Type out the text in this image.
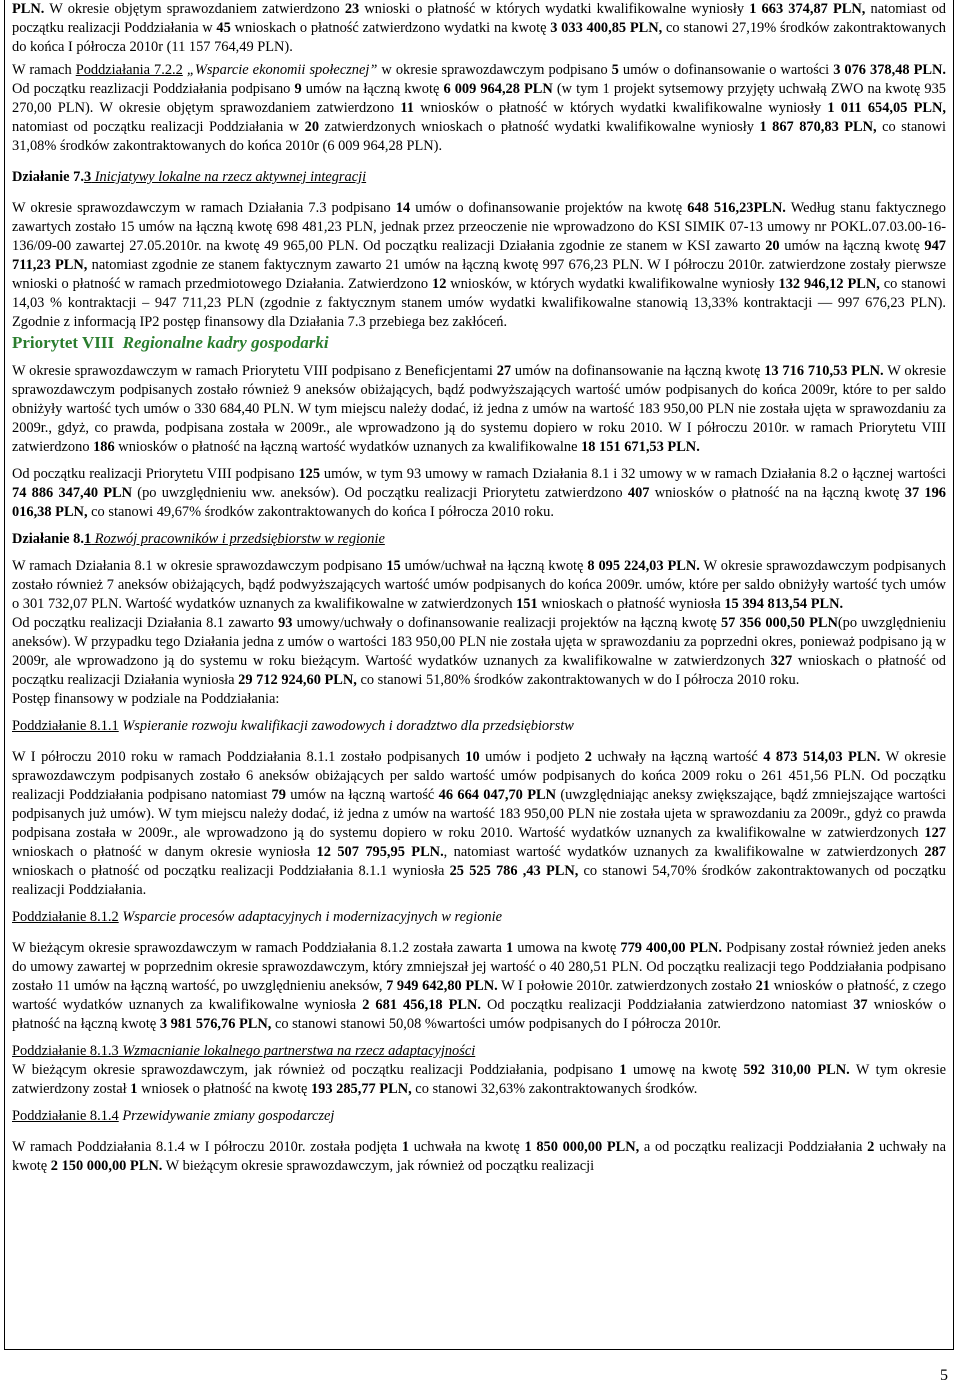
PLN. W okresie objętym sprawozdaniem zatwierdzono 23 wnioski o płatność w których wydatki kwalifikowalne wyniosły 1 663 374,87 PLN, natomiast od początku realizacji Poddziałania w 45 wnioskach o płatność zatwierdzono wydatki na kwotę 3 033 400,85 PLN, co stanowi 27,19% środków zakontraktowanych do końca I półrocza 2010r (11 157 764,49 PLN).

W ramach Poddziałania 7.2.2 „Wsparcie ekonomii społecznej” w okresie sprawozdawczym podpisano 5 umów o dofinansowanie o wartości 3 076 378,48 PLN. Od początku reazlizacji Poddziałania podpisano 9 umów na łączną kwotę 6 009 964,28 PLN (w tym 1 projekt sytsemowy przyjęty uchwałą ZWO na kwotę 935 270,00 PLN). W okresie objętym sprawozdaniem zatwierdzono 11 wniosków o płatność w których wydatki kwalifikowalne wyniosły 1 011 654,05 PLN, natomiast od początku realizacji Poddziałania w 20 zatwierdzonych wnioskach o płatność wydatki kwalifikowalne wyniosły 1 867 870,83 PLN, co stanowi 31,08% środków zakontraktowanych do końca 2010r (6 009 964,28 PLN).

Działanie 7.3 Inicjatywy lokalne na rzecz aktywnej integracji

W okresie sprawozdawczym w ramach Działania 7.3 podpisano 14 umów o dofinansowanie projektów na kwotę 648 516,23PLN. Według stanu faktycznego zawartych zostało 15 umów na łączną kwotę 698 481,23 PLN, jednak przez przeoczenie nie wprowadzono do KSI SIMIK 07-13 umowy nr POKL.07.03.00-16-136/09-00 zawartej 27.05.2010r. na kwotę 49 965,00 PLN. Od początku realizacji Działania zgodnie ze stanem w KSI zawarto 20 umów na łączną kwotę 947 711,23 PLN, natomiast zgodnie ze stanem faktycznym zawarto 21 umów na łączną kwotę 997 676,23 PLN. W I półroczu 2010r. zatwierdzone zostały pierwsze wnioski o płatność w ramach przedmiotowego Działania. Zatwierdzono 12 wniosków, w których wydatki kwalifikowalne wyniosły 132 946,12 PLN, co stanowi 14,03 % kontraktacji – 947 711,23 PLN (zgodnie z faktycznym stanem umów wydatki kwalifikowalne stanowią 13,33% kontraktacji — 997 676,23 PLN). Zgodnie z informacją IP2 postęp finansowy dla Działania 7.3 przebiega bez zakłóceń.

Priorytet VIII Regionalne kadry gospodarki

W okresie sprawozdawczym w ramach Priorytetu VIII podpisano z Beneficjentami 27 umów na dofinansowanie na łączną kwotę 13 716 710,53 PLN. W okresie sprawozdawczym podpisanych zostało również 9 aneksów obiżających, bądź podwyższających wartość umów podpisanych do końca 2009r, które to per saldo obniżyły wartość tych umów o 330 684,40 PLN. W tym miejscu należy dodać, iż jedna z umów na wartość 183 950,00 PLN nie została ujęta w sprawozdaniu za 2009r., gdyż, co prawda, podpisana została w 2009r., ale wprowadzono ją do systemu dopiero w roku 2010. W I półroczu 2010r. w ramach Priorytetu VIII zatwierdzono 186 wniosków o płatność na łączną wartość wydatków uznanych za kwalifikowalne 18 151 671,53 PLN.

Od początku realizacji Priorytetu VIII podpisano 125 umów, w tym 93 umowy w ramach Działania 8.1 i 32 umowy w w ramach Działania 8.2 o łącznej wartości 74 886 347,40 PLN (po uwzględnieniu ww. aneksów). Od początku realizacji Priorytetu zatwierdzono 407 wniosków o płatność na na łączną kwotę 37 196 016,38 PLN, co stanowi 49,67% środków zakontraktowanych do końca I półrocza 2010 roku.

Działanie 8.1 Rozwój pracowników i przedsiębiorstw w regionie

W ramach Działania 8.1 w okresie sprawozdawczym podpisano 15 umów/uchwał na łączną kwotę 8 095 224,03 PLN. W okresie sprawozdawczym podpisanych zostało również 7 aneksów obiżających, bądź podwyższających wartość umów podpisanych do końca 2009r. umów, które per saldo obniżyły wartość tych umów o 301 732,07 PLN. Wartość wydatków uznanych za kwalifikowalne w zatwierdzonych 151 wnioskach o płatność wyniosła 15 394 813,54 PLN.

Od początku realizacji Działania 8.1 zawarto 93 umowy/uchwały o dofinansowanie realizacji projektów na łączną kwotę 57 356 000,50 PLN(po uwzględnieniu aneksów). W przypadku tego Działania jedna z umów o wartości 183 950,00 PLN nie została ujęta w sprawozdaniu za poprzedni okres, ponieważ podpisano ją w 2009r, ale wprowadzono ją do systemu w roku bieżącym. Wartość wydatków uznanych za kwalifikowalne w zatwierdzonych 327 wnioskach o płatność od początku realizacji Działania wyniosła 29 712 924,60 PLN, co stanowi 51,80% środków zakontraktowanych w do I półrocza 2010 roku.
Postęp finansowy w podziale na Poddziałania:

Poddziałanie 8.1.1 Wspieranie rozwoju kwalifikacji zawodowych i doradztwo dla przedsiębiorstw

W I półroczu 2010 roku w ramach Poddziałania 8.1.1 zostało podpisanych 10 umów i podjeto 2 uchwały na łączną wartość 4 873 514,03 PLN. W okresie sprawozdawczym podpisanych zostało 6 aneksów obiżających per saldo wartość umów podpisanych do końca 2009 roku o 261 451,56 PLN. Od początku realizacji Poddziałania podpisano natomiast 79 umów na łączną wartość 46 664 047,70 PLN (uwzględniając aneksy zwiększające, bądź zmniejszające wartości podpisanych już umów). W tym miejscu należy dodać, iż jedna z umów na wartość 183 950,00 PLN nie została ujeta w sprawozdaniu za 2009r., gdyż co prawda podpisana została w 2009r., ale wprowadzono ją do systemu dopiero w roku 2010. Wartość wydatków uznanych za kwalifikowalne w zatwierdzonych 127 wnioskach o płatność w danym okresie wyniosła 12 507 795,95 PLN., natomiast wartość wydatków uznanych za kwalifikowalne w zatwierdzonych 287 wnioskach o płatność od początku realizacji Poddziałania 8.1.1 wyniosła 25 525 786 ,43 PLN, co stanowi 54,70% środków zakontraktowanych od początku realizacji Poddziałania.

Poddziałanie 8.1.2 Wsparcie procesów adaptacyjnych i modernizacyjnych w regionie

W bieżącym okresie sprawozdawczym w ramach Poddziałania 8.1.2 została zawarta 1 umowa na kwotę 779 400,00 PLN. Podpisany został również jeden aneks do umowy zawartej w poprzednim okresie sprawozdawczym, który zmniejszał jej wartość o 40 280,51 PLN. Od początku realizacji tego Poddziałania podpisano zostało 11 umów na łączną wartość, po uwzględnieniu aneksów, 7 949 642,80 PLN. W I połowie 2010r. zatwierdzonych zostało 21 wniosków o płatność, z czego wartość wydatków uznanych za kwalifikowalne wyniosła 2 681 456,18 PLN. Od początku realizacji Poddziałania zatwierdzono natomiast 37 wniosków o płatność na łączną kwotę 3 981 576,76 PLN, co stanowi stanowi 50,08 %wartości umów podpisanych do I półrocza 2010r.

Poddziałanie 8.1.3 Wzmacnianie lokalnego partnerstwa na rzecz adaptacyjności

W bieżącym okresie sprawozdawczym, jak również od początku realizacji Poddziałania, podpisano 1 umowę na kwotę 592 310,00 PLN. W tym okresie zatwierdzony został 1 wniosek o płatność na kwotę 193 285,77 PLN, co stanowi 32,63% zakontraktowanych środków.

Poddziałanie 8.1.4 Przewidywanie zmiany gospodarczej

W ramach Poddziałania 8.1.4 w I półroczu 2010r. została podjęta 1 uchwała na kwotę 1 850 000,00 PLN, a od początku realizacji Poddziałania 2 uchwały na kwotę 2 150 000,00 PLN. W bieżącym okresie sprawozdawczym, jak również od początku realizacji

5
